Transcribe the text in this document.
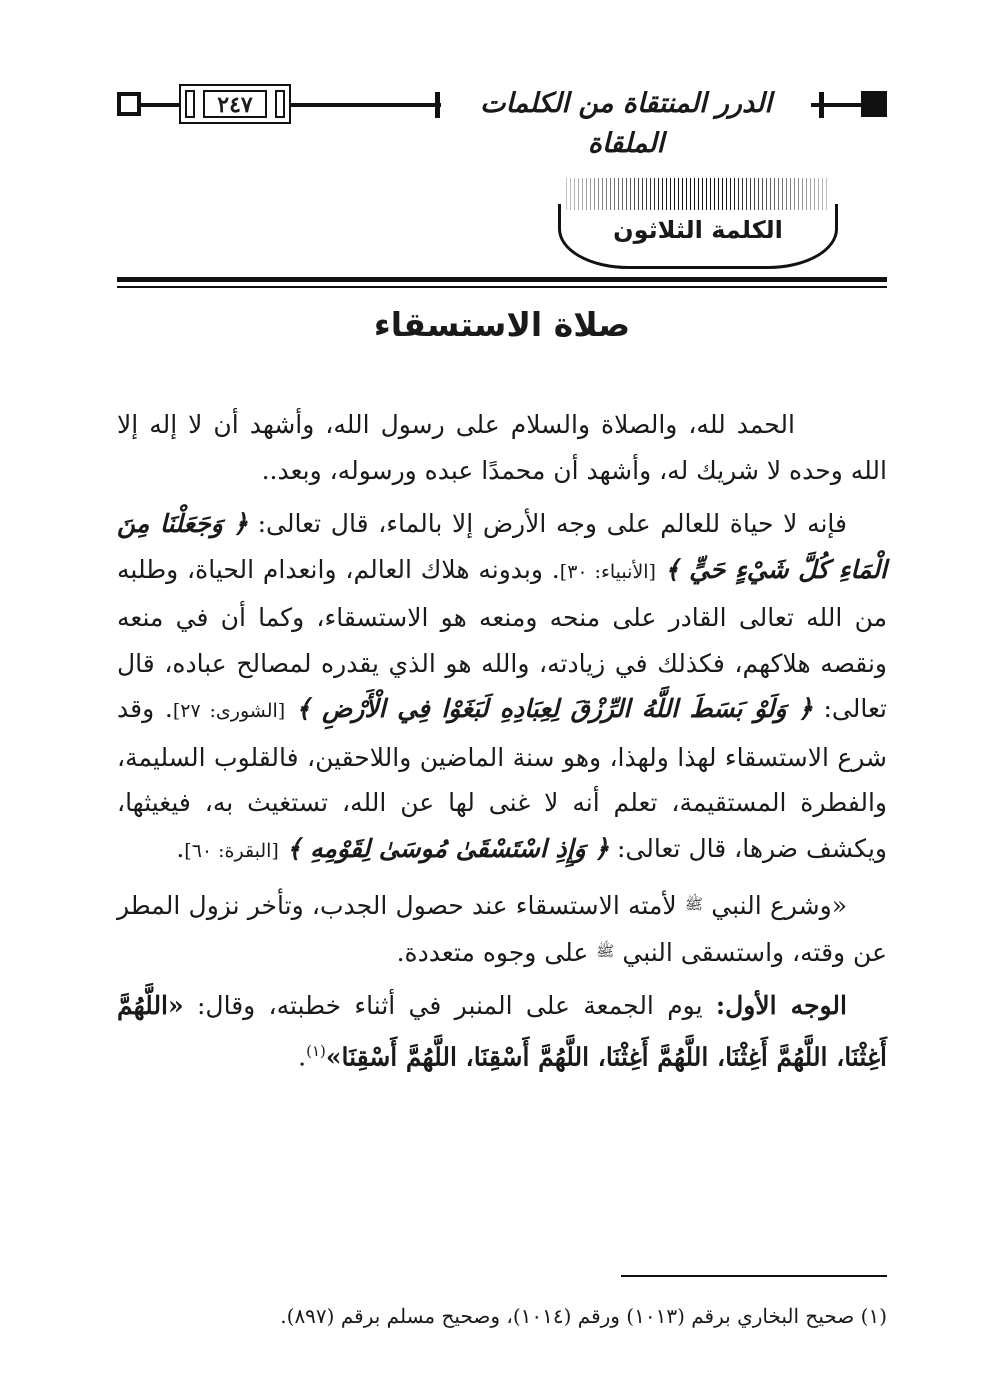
٢٤٧	الدرر المنتقاة من الكلمات الملقاة
الكلمة الثلاثون
صلاة الاستسقاء

الحمد لله، والصلاة والسلام على رسول الله، وأشهد أن لا إله إلا الله وحده لا شريك له، وأشهد أن محمدًا عبده ورسوله، وبعد..

فإنه لا حياة للعالم على وجه الأرض إلا بالماء، قال تعالى: ﴿ وَجَعَلْنَا مِنَ الْمَاءِ كُلَّ شَيْءٍ حَيٍّ ﴾ [الأنبياء: ٣٠]. وبدونه هلاك العالم، وانعدام الحياة، وطلبه من الله تعالى القادر على منحه ومنعه هو الاستسقاء، وكما أن في منعه ونقصه هلاكهم، فكذلك في زيادته، والله هو الذي يقدره لمصالح عباده، قال تعالى: ﴿ وَلَوْ بَسَطَ اللَّهُ الرِّزْقَ لِعِبَادِهِ لَبَغَوْا فِي الْأَرْضِ ﴾ [الشورى: ٢٧]. وقد شرع الاستسقاء لهذا ولهذا، وهو سنة الماضين واللاحقين، فالقلوب السليمة، والفطرة المستقيمة، تعلم أنه لا غنى لها عن الله، تستغيث به، فيغيثها، ويكشف ضرها، قال تعالى: ﴿ وَإِذِ اسْتَسْقَىٰ مُوسَىٰ لِقَوْمِهِ ﴾ [البقرة: ٦٠].

«وشرع النبي $^ﷺ$ لأمته الاستسقاء عند حصول الجدب، وتأخر نزول المطر عن وقته، واستسقى النبي $^ﷺ$ على وجوه متعددة.

الوجه الأول: يوم الجمعة على المنبر في أثناء خطبته، وقال: «اللَّهُمَّ أَغِثْنَا، اللَّهُمَّ أَغِثْنَا، اللَّهُمَّ أَغِثْنَا، اللَّهُمَّ أَسْقِنَا، اللَّهُمَّ أَسْقِنَا»$^{(١)}$.

(١) صحيح البخاري برقم (١٠١٣) ورقم (١٠١٤)، وصحيح مسلم برقم (٨٩٧).
